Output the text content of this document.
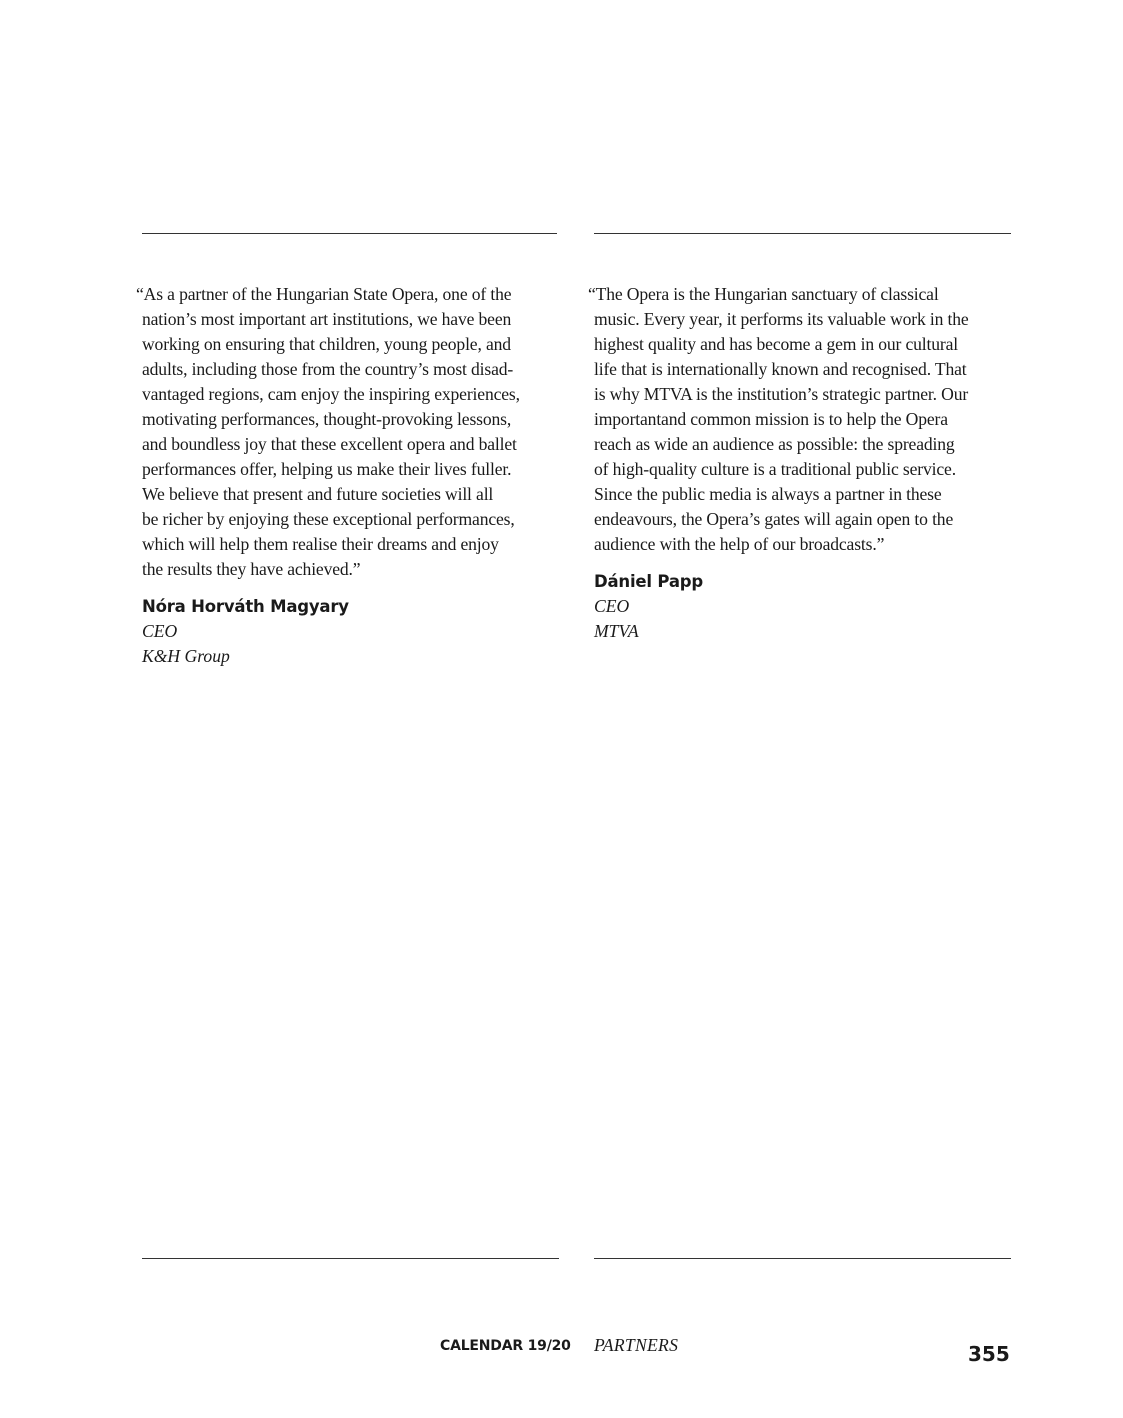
“As a partner of the Hungarian State Opera, one of the

nation’s most important art institutions, we have been

working on ensuring that children, young people, and

adults, including those from the country’s most disad-

vantaged regions, cam enjoy the inspiring experiences,

motivating performances, thought-provoking lessons,

and boundless joy that these excellent opera and ballet

performances offer, helping us make their lives fuller.

We believe that present and future societies will all

be richer by enjoying these exceptional performances,

which will help them realise their dreams and enjoy

the results they have achieved.”

Nóra Horváth Magyary

CEO

K&H Group

“The Opera is the Hungarian sanctuary of classical

music. Every year, it performs its valuable work in the

highest quality and has become a gem in our cultural

life that is internationally known and recognised. That

is why MTVA is the institution’s strategic partner. Our

importantand common mission is to help the Opera

reach as wide an audience as possible: the spreading

of high-quality culture is a traditional public service.

Since the public media is always a partner in these

endeavours, the Opera’s gates will again open to the

audience with the help of our broadcasts.”

Dániel Papp

CEO

MTVA

CALENDAR 19/20 PARTNERS	355
